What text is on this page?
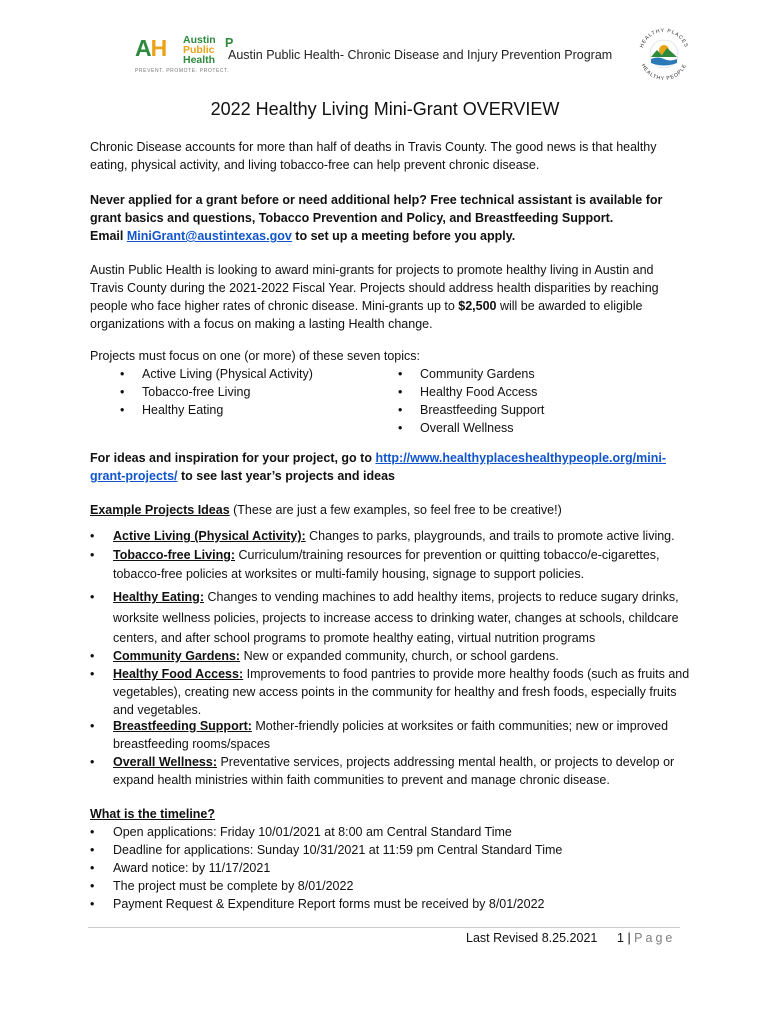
A	P
H Austin
Public
Health
PREVENT. PROMOTE. PROTECT.
Austin Public Health- Chronic Disease and Injury Prevention Program
HEALTHY PLACES
HEALTHY PEOPLE
2022 Healthy Living Mini-Grant OVERVIEW

Chronic Disease accounts for more than half of deaths in Travis County. The good news is that healthy eating, physical activity, and living tobacco-free can help prevent chronic disease.

Never applied for a grant before or need additional help? Free technical assistant is available for grant basics and questions, Tobacco Prevention and Policy, and Breastfeeding Support.
Email MiniGrant@austintexas.gov to set up a meeting before you apply.

Austin Public Health is looking to award mini-grants for projects to promote healthy living in Austin and Travis County during the 2021-2022 Fiscal Year. Projects should address health disparities by reaching people who face higher rates of chronic disease. Mini-grants up to $2,500 will be awarded to eligible organizations with a focus on making a lasting Health change.

Projects must focus on one (or more) of these seven topics:

• Active Living (Physical Activity)
• Tobacco-free Living
• Healthy Eating
• Community Gardens
• Healthy Food Access
• Breastfeeding Support
• Overall Wellness

For ideas and inspiration for your project, go to http://www.healthyplaceshealthypeople.org/mini-
grant-projects/ to see last year’s projects and ideas

Example Projects Ideas (These are just a few examples, so feel free to be creative!)

• Active Living (Physical Activity): Changes to parks, playgrounds, and trails to promote active living.
• Tobacco-free Living: Curriculum/training resources for prevention or quitting tobacco/e-cigarettes, tobacco-free policies at worksites or multi-family housing, signage to support policies.
• Healthy Eating: Changes to vending machines to add healthy items, projects to reduce sugary drinks, worksite wellness policies, projects to increase access to drinking water, changes at schools, childcare centers, and after school programs to promote healthy eating, virtual nutrition programs
• Community Gardens: New or expanded community, church, or school gardens.
• Healthy Food Access: Improvements to food pantries to provide more healthy foods (such as fruits and vegetables), creating new access points in the community for healthy and fresh foods, especially fruits and vegetables.
• Breastfeeding Support: Mother-friendly policies at worksites or faith communities; new or improved breastfeeding rooms/spaces
• Overall Wellness: Preventative services, projects addressing mental health, or projects to develop or expand health ministries within faith communities to prevent and manage chronic disease.

What is the timeline?

• Open applications: Friday 10/01/2021 at 8:00 am Central Standard Time
• Deadline for applications: Sunday 10/31/2021 at 11:59 pm Central Standard Time
• Award notice: by 11/17/2021
• The project must be complete by 8/01/2022
• Payment Request & Expenditure Report forms must be received by 8/01/2022
Last Revised 8.25.2021 1 | Page
